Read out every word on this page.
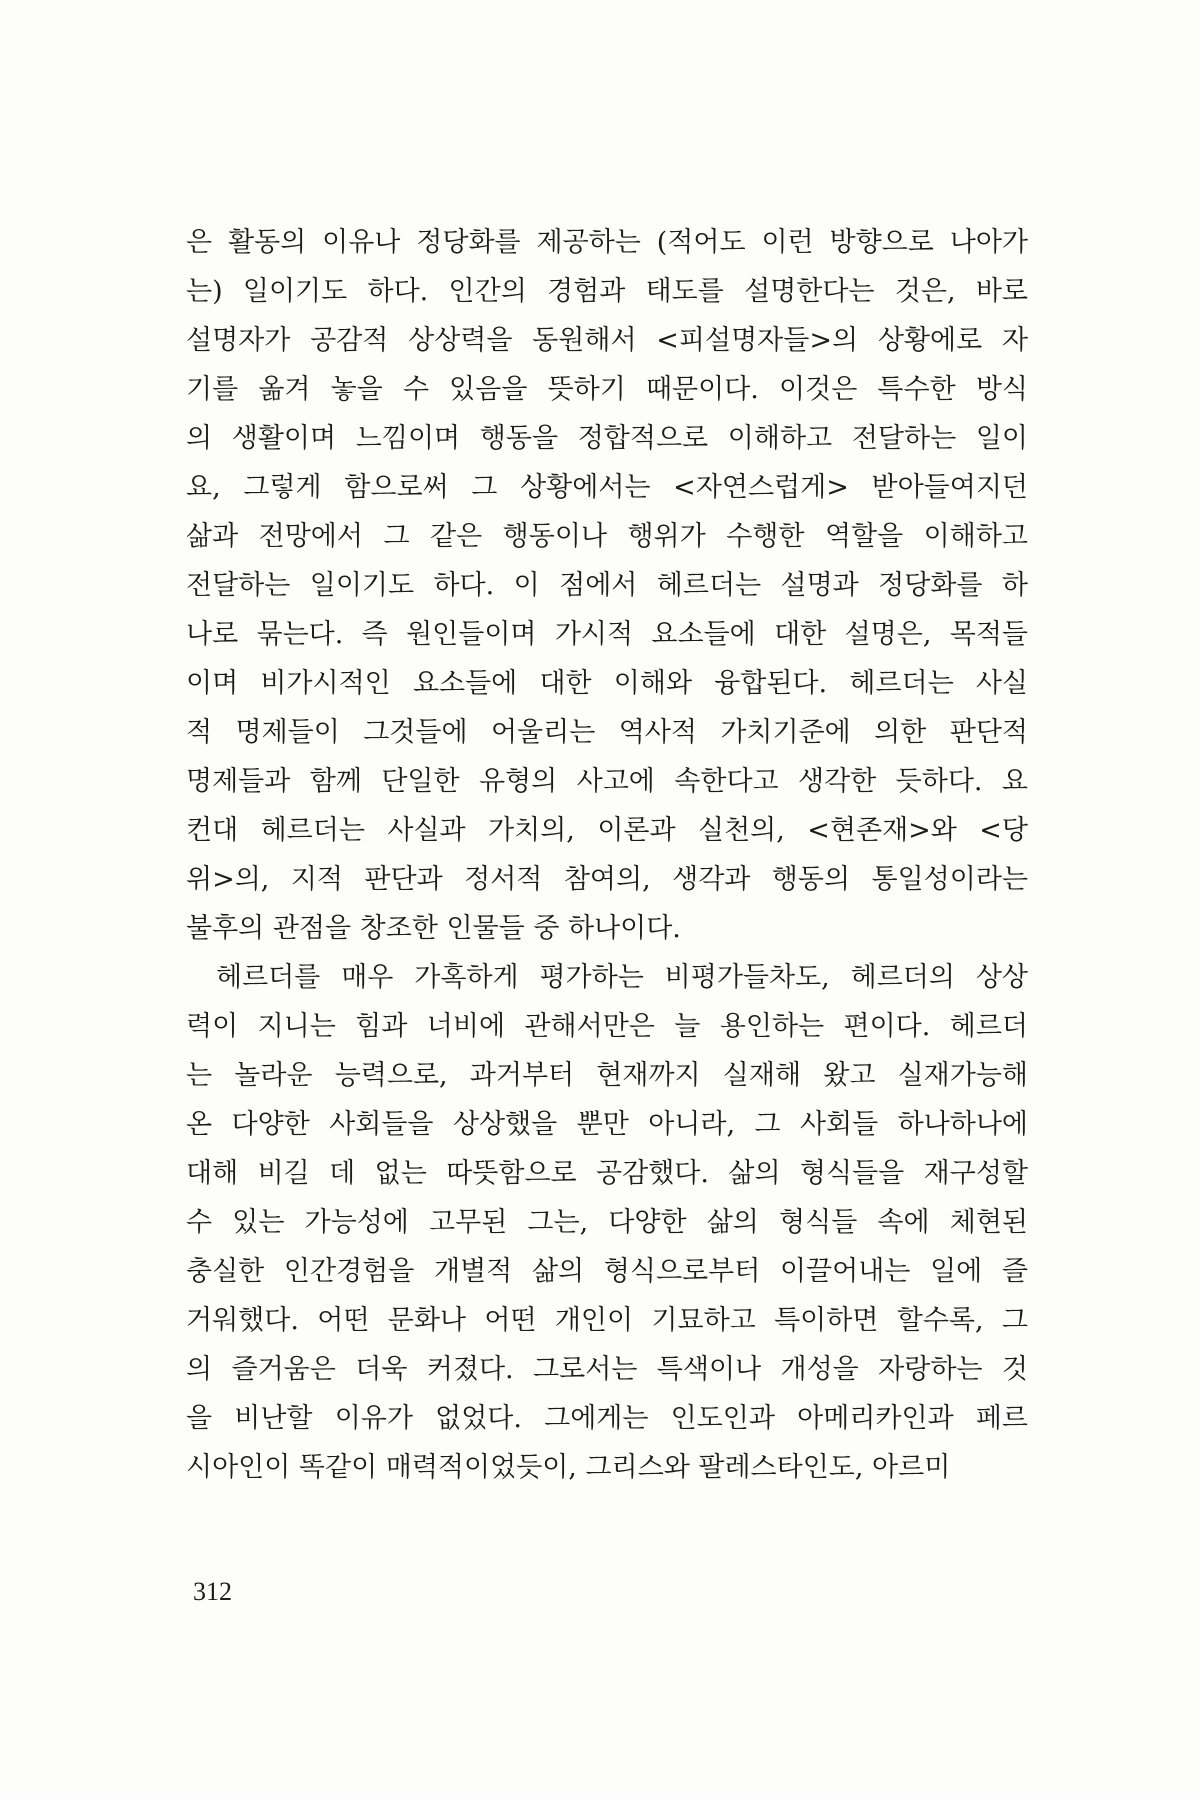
은 활동의 이유나 정당화를 제공하는 (적어도 이런 방향으로 나아가
는) 일이기도 하다. 인간의 경험과 태도를 설명한다는 것은, 바로
설명자가 공감적 상상력을 동원해서 <피설명자들>의 상황에로 자
기를 옮겨 놓을 수 있음을 뜻하기 때문이다. 이것은 특수한 방식
의 생활이며 느낌이며 행동을 정합적으로 이해하고 전달하는 일이
요, 그렇게 함으로써 그 상황에서는 <자연스럽게> 받아들여지던
삶과 전망에서 그 같은 행동이나 행위가 수행한 역할을 이해하고
전달하는 일이기도 하다. 이 점에서 헤르더는 설명과 정당화를 하
나로 묶는다. 즉 원인들이며 가시적 요소들에 대한 설명은, 목적들
이며 비가시적인 요소들에 대한 이해와 융합된다. 헤르더는 사실
적 명제들이 그것들에 어울리는 역사적 가치기준에 의한 판단적
명제들과 함께 단일한 유형의 사고에 속한다고 생각한 듯하다. 요
컨대 헤르더는 사실과 가치의, 이론과 실천의, <현존재>와 <당
위>의, 지적 판단과 정서적 참여의, 생각과 행동의 통일성이라는
불후의 관점을 창조한 인물들 중 하나이다.
헤르더를 매우 가혹하게 평가하는 비평가들차도, 헤르더의 상상
력이 지니는 힘과 너비에 관해서만은 늘 용인하는 편이다. 헤르더
는 놀라운 능력으로, 과거부터 현재까지 실재해 왔고 실재가능해
온 다양한 사회들을 상상했을 뿐만 아니라, 그 사회들 하나하나에
대해 비길 데 없는 따뜻함으로 공감했다. 삶의 형식들을 재구성할
수 있는 가능성에 고무된 그는, 다양한 삶의 형식들 속에 체현된
충실한 인간경험을 개별적 삶의 형식으로부터 이끌어내는 일에 즐
거워했다. 어떤 문화나 어떤 개인이 기묘하고 특이하면 할수록, 그
의 즐거움은 더욱 커졌다. 그로서는 특색이나 개성을 자랑하는 것
을 비난할 이유가 없었다. 그에게는 인도인과 아메리카인과 페르
시아인이 똑같이 매력적이었듯이, 그리스와 팔레스타인도, 아르미
312
